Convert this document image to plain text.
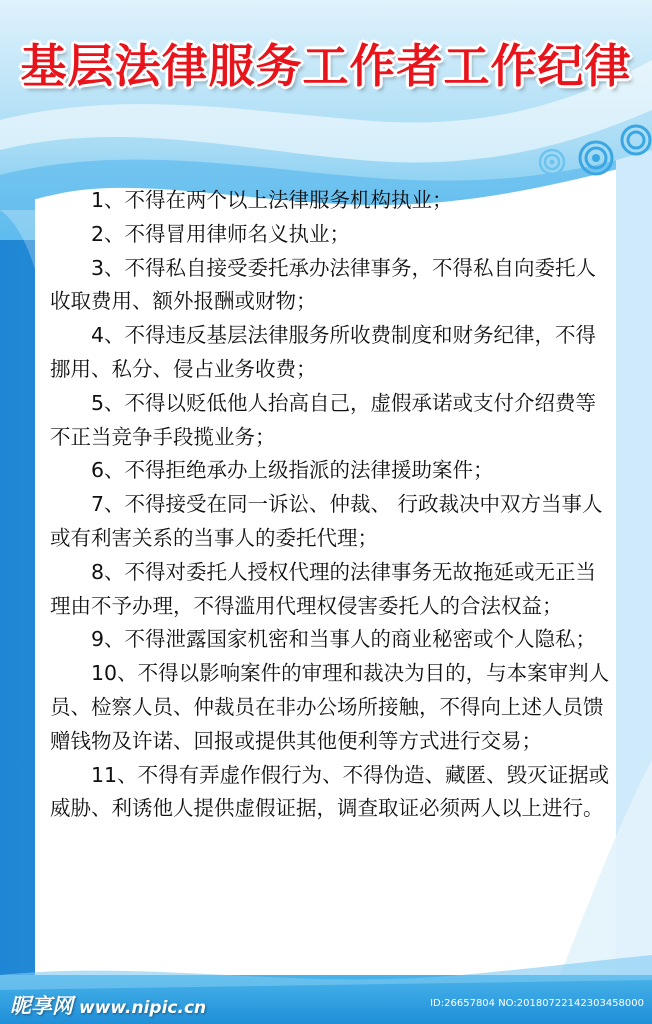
基层法律服务工作者工作纪律

1、不得在两个以上法律服务机构执业；

2、不得冒用律师名义执业；

3、不得私自接受委托承办法律事务，不得私自向委托人收取费用、额外报酬或财物；

4、不得违反基层法律服务所收费制度和财务纪律，不得挪用、私分、侵占业务收费；

5、不得以贬低他人抬高自己，虚假承诺或支付介绍费等不正当竞争手段揽业务；

6、不得拒绝承办上级指派的法律援助案件；

7、不得接受在同一诉讼、仲裁、 行政裁决中双方当事人或有利害关系的当事人的委托代理；

8、不得对委托人授权代理的法律事务无故拖延或无正当理由不予办理，不得滥用代理权侵害委托人的合法权益；

9、不得泄露国家机密和当事人的商业秘密或个人隐私；

10、不得以影响案件的审理和裁决为目的，与本案审判人员、检察人员、仲裁员在非办公场所接触，不得向上述人员馈赠钱物及许诺、回报或提供其他便利等方式进行交易；

11、不得有弄虚作假行为、不得伪造、藏匿、毁灭证据或威胁、利诱他人提供虚假证据，调查取证必须两人以上进行。

昵享网 www.nipic.cn	ID:26657804 NO:20180722142303458000
